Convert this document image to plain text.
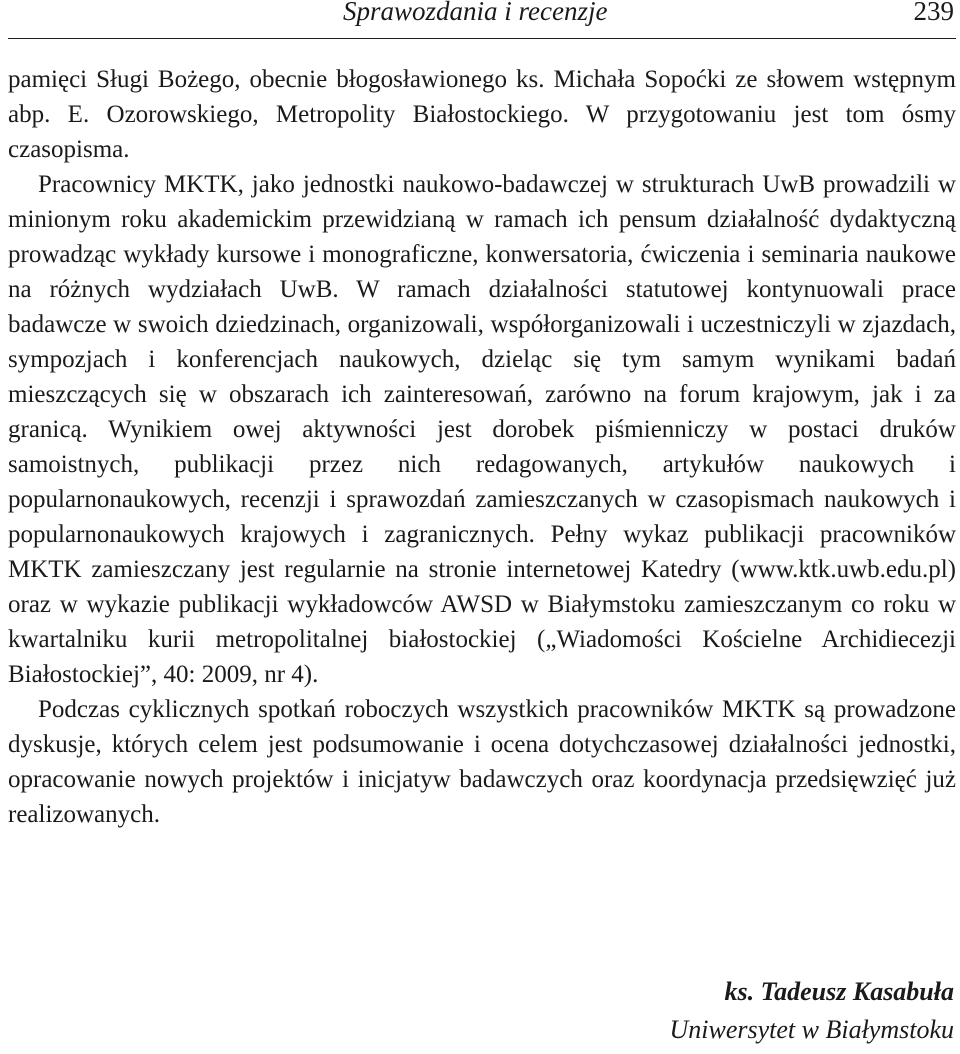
Sprawozdania i recenzje	239

pamięci Sługi Bożego, obecnie błogosławionego ks. Michała Sopoćki ze słowem wstępnym abp. E. Ozorowskiego, Metropolity Białostockiego. W przygotowaniu jest tom ósmy czasopisma.

Pracownicy MKTK, jako jednostki naukowo-badawczej w strukturach UwB prowadzili w minionym roku akademickim przewidzianą w ramach ich pensum działalność dydaktyczną prowadząc wykłady kursowe i monograficzne, konwersatoria, ćwiczenia i seminaria naukowe na różnych wydziałach UwB. W ramach działalności statutowej kontynuowali prace badawcze w swoich dziedzinach, organizowali, współorganizowali i uczestniczyli w zjazdach, sympozjach i konferencjach naukowych, dzieląc się tym samym wynikami badań mieszczących się w obszarach ich zainteresowań, zarówno na forum krajowym, jak i za granicą. Wynikiem owej aktywności jest dorobek piśmienniczy w postaci druków samoistnych, publikacji przez nich redagowanych, artykułów naukowych i popularnonaukowych, recenzji i sprawozdań zamieszczanych w czasopismach naukowych i popularnonaukowych krajowych i zagranicznych. Pełny wykaz publikacji pracowników MKTK zamieszczany jest regularnie na stronie internetowej Katedry (www.ktk.uwb.edu.pl) oraz w wykazie publikacji wykładowców AWSD w Białymstoku zamieszczanym co roku w kwartalniku kurii metropolitalnej białostockiej („Wiadomości Kościelne Archidiecezji Białostockiej”, 40: 2009, nr 4).

Podczas cyklicznych spotkań roboczych wszystkich pracowników MKTK są prowadzone dyskusje, których celem jest podsumowanie i ocena dotychczasowej działalności jednostki, opracowanie nowych projektów i inicjatyw badawczych oraz koordynacja przedsięwzięć już realizowanych.

ks. Tadeusz Kasabuła
Uniwersytet w Białymstoku
